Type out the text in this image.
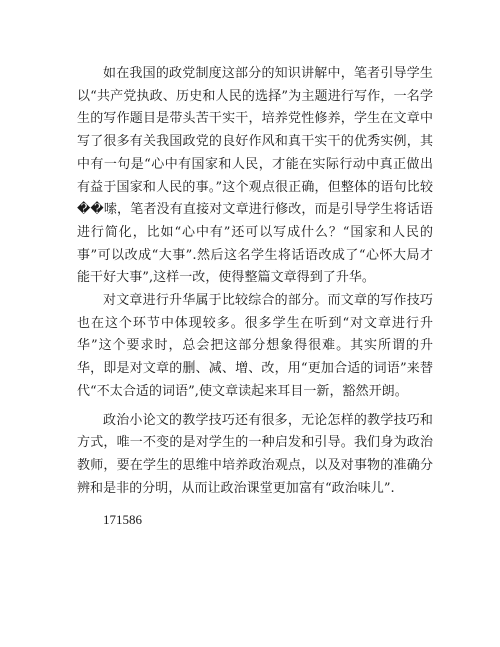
如在我国的政党制度这部分的知识讲解中，笔者引导学生以“共产党执政、历史和人民的选择”为主题进行写作，一名学生的写作题目是带头苦干实干，培养党性修养，学生在文章中写了很多有关我国政党的良好作风和真干实干的优秀实例，其中有一句是“心中有国家和人民，才能在实际行动中真正做出有益于国家和人民的事。”这个观点很正确，但整体的语句比较��嗦，笔者没有直接对文章进行修改，而是引导学生将话语进行简化，比如“心中有”还可以写成什么？“国家和人民的事”可以改成“大事”.然后这名学生将话语改成了“心怀大局才能干好大事”,这样一改，使得整篇文章得到了升华。

对文章进行升华属于比较综合的部分。而文章的写作技巧也在这个环节中体现较多。很多学生在听到“对文章进行升华”这个要求时，总会把这部分想象得很难。其实所谓的升华，即是对文章的删、减、增、改，用“更加合适的词语”来替代“不太合适的词语”,使文章读起来耳目一新，豁然开朗。

政治小论文的教学技巧还有很多，无论怎样的教学技巧和方式，唯一不变的是对学生的一种启发和引导。我们身为政治教师，要在学生的思维中培养政治观点，以及对事物的准确分辨和是非的分明，从而让政治课堂更加富有“政治味儿”.

171586
